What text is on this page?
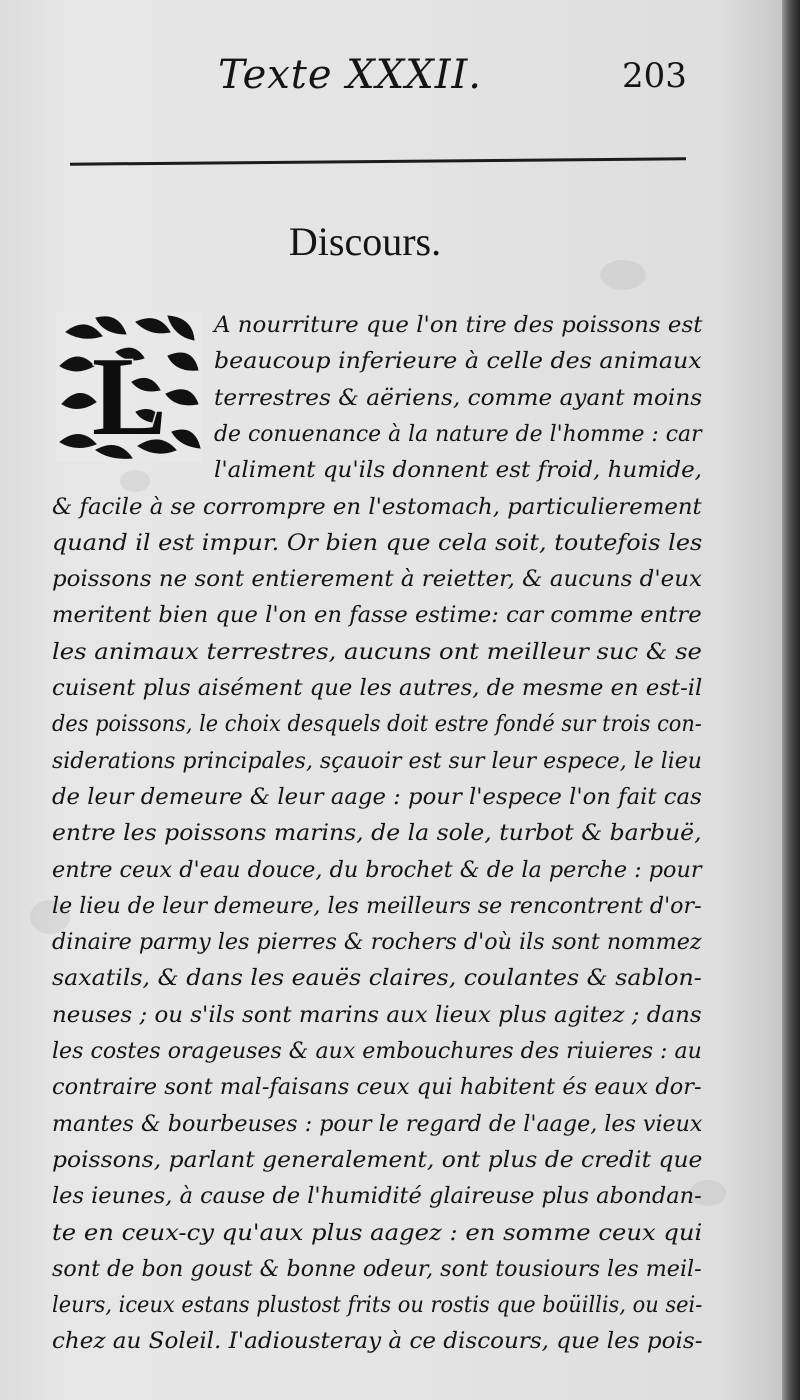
Texte XXXII.	203
Discours.
L
A nourriture que l'on tire des poissons est
beaucoup inferieure à celle des animaux
terrestres & aëriens, comme ayant moins
de conuenance à la nature de l'homme : car
l'aliment qu'ils donnent est froid, humide,
& facile à se corrompre en l'estomach, particulierement
quand il est impur. Or bien que cela soit, toutefois les
poissons ne sont entierement à reietter, & aucuns d'eux
meritent bien que l'on en fasse estime: car comme entre
les animaux terrestres, aucuns ont meilleur suc & se
cuisent plus aisément que les autres, de mesme en est-il
des poissons, le choix desquels doit estre fondé sur trois con-
siderations principales, sçauoir est sur leur espece, le lieu
de leur demeure & leur aage : pour l'espece l'on fait cas
entre les poissons marins, de la sole, turbot & barbuë,
entre ceux d'eau douce, du brochet & de la perche : pour
le lieu de leur demeure, les meilleurs se rencontrent d'or-
dinaire parmy les pierres & rochers d'où ils sont nommez
saxatils, & dans les eauës claires, coulantes & sablon-
neuses ; ou s'ils sont marins aux lieux plus agitez ; dans
les costes orageuses & aux embouchures des riuieres : au
contraire sont mal-faisans ceux qui habitent és eaux dor-
mantes & bourbeuses : pour le regard de l'aage, les vieux
poissons, parlant generalement, ont plus de credit que
les ieunes, à cause de l'humidité glaireuse plus abondan-
te en ceux-cy qu'aux plus aagez : en somme ceux qui
sont de bon goust & bonne odeur, sont tousiours les meil-
leurs, iceux estans plustost frits ou rostis que boüillis, ou sei-
chez au Soleil. I'adiousteray à ce discours, que les pois-
